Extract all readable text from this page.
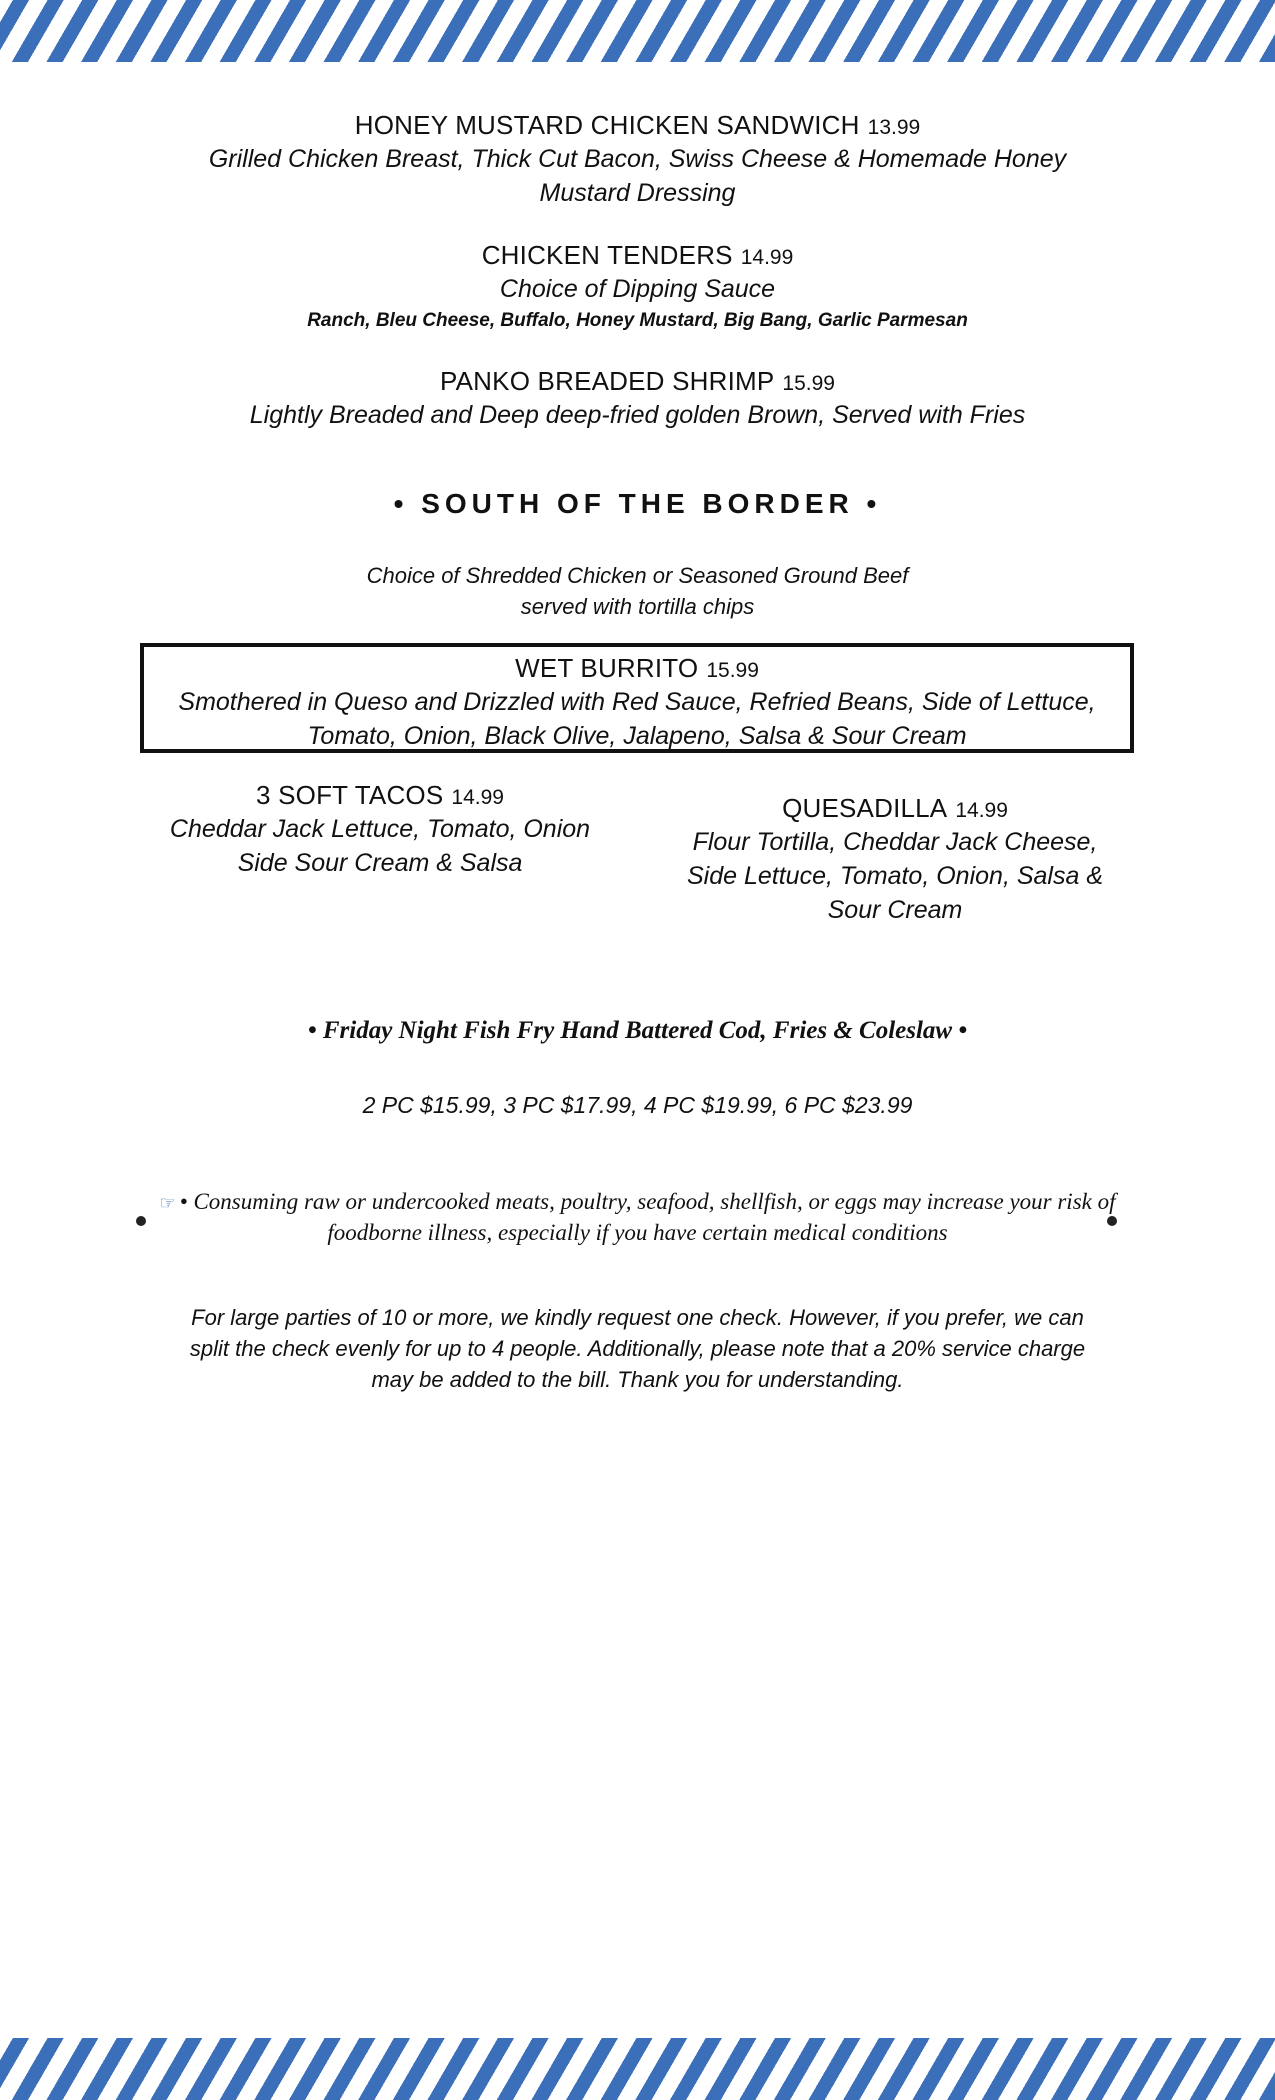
HONEY MUSTARD CHICKEN SANDWICH 13.99
Grilled Chicken Breast, Thick Cut Bacon, Swiss Cheese & Homemade Honey Mustard Dressing
CHICKEN TENDERS 14.99
Choice of Dipping Sauce
Ranch, Bleu Cheese, Buffalo, Honey Mustard, Big Bang, Garlic Parmesan
PANKO BREADED SHRIMP 15.99
Lightly Breaded and Deep deep-fried golden Brown, Served with Fries
• SOUTH OF THE BORDER •
Choice of Shredded Chicken or Seasoned Ground Beef
served with tortilla chips
WET BURRITO 15.99
Smothered in Queso and Drizzled with Red Sauce, Refried Beans, Side of Lettuce, Tomato, Onion, Black Olive, Jalapeno, Salsa & Sour Cream
3 SOFT TACOS 14.99
Cheddar Jack Lettuce, Tomato, Onion
Side Sour Cream & Salsa
QUESADILLA 14.99
Flour Tortilla, Cheddar Jack Cheese, Side Lettuce, Tomato, Onion, Salsa & Sour Cream
• Friday Night Fish Fry Hand Battered Cod, Fries & Coleslaw •
2 PC $15.99, 3 PC $17.99, 4 PC $19.99, 6 PC $23.99
☞ • Consuming raw or undercooked meats, poultry, seafood, shellfish, or eggs may increase your risk of foodborne illness, especially if you have certain medical conditions
For large parties of 10 or more, we kindly request one check. However, if you prefer, we can split the check evenly for up to 4 people. Additionally, please note that a 20% service charge may be added to the bill. Thank you for understanding.
